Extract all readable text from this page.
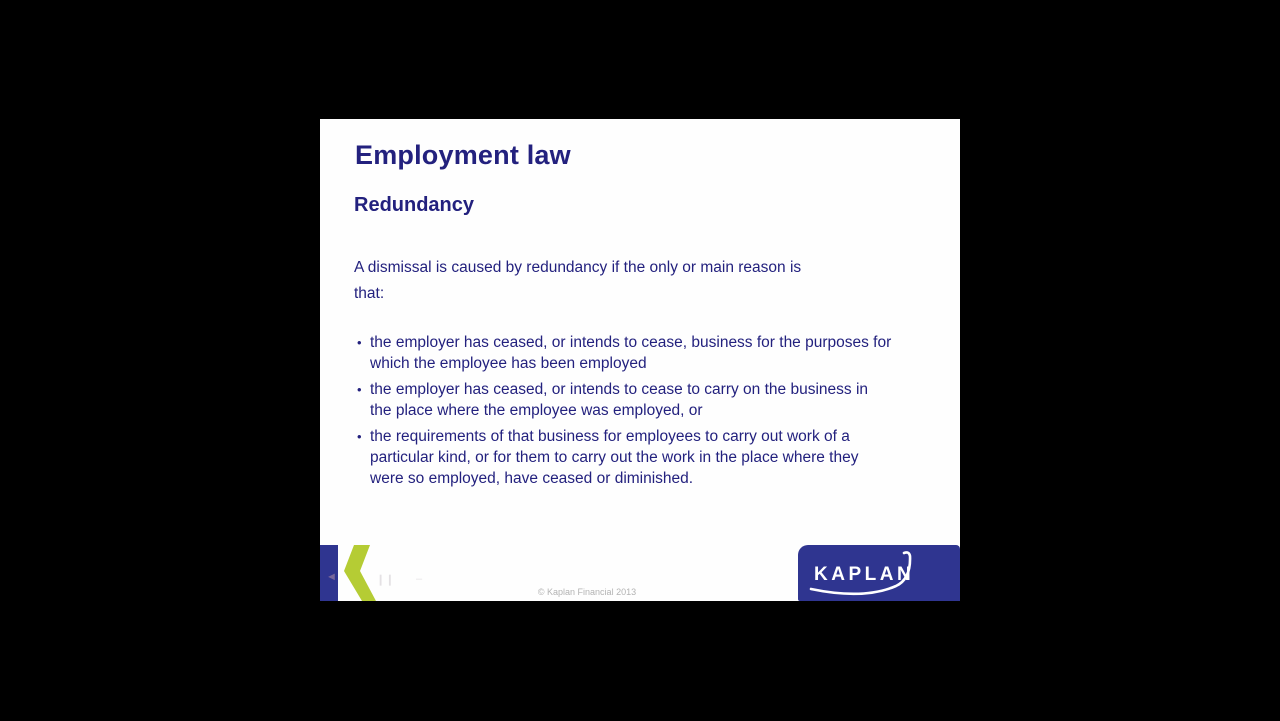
Employment law
Redundancy

A dismissal is caused by redundancy if the only or main reason is that:

• the employer has ceased, or intends to cease, business for the purposes for which the employee has been employed
• the employer has ceased, or intends to cease to carry on the business in the place where the employee was employed, or
• the requirements of that business for employees to carry out work of a particular kind, or for them to carry out the work in the place where they were so employed, have ceased or diminished.
◄	❙❙ –
© Kaplan Financial 2013
KAPLAN
